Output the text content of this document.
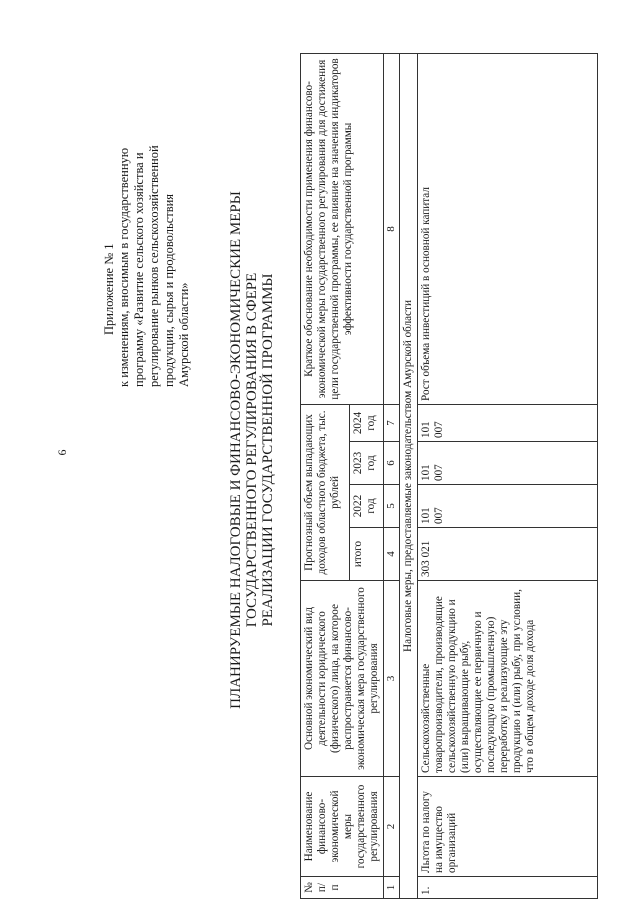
6
Приложение № 1 к изменениям, вносимым в государственную программу «Развитие сельского хозяйства и регулирование рынков сельскохозяйственной продукции, сырья и продовольствия Амурской области» ПЛАНИРУЕМЫЕ НАЛОГОВЫЕ И ФИНАНСОВО-ЭКОНОМИЧЕСКИЕ МЕРЫ ГОСУДАРСТВЕННОГО РЕГУЛИРОВАНИЯ В СФЕРЕ РЕАЛИЗАЦИИ ГОСУДАРСТВЕННОЙ ПРОГРАММЫ
№ п/п	Наименование финансово-экономической меры государственного регулирования	Основной экономический вид деятельности юридического (физического) лица, на которое распространяется финансово-экономическая мера государственного регулирования	Прогнозный объем выпадающих доходов областного бюджета, тыс. рублей				Краткое обоснование необходимости применения финансово-экономической меры государственного регулирования для достижения цели государственной программы, ее влияние на значения индикаторов эффективности государственной программы
			итого	2022 год	2023 год	2024 год	
1	2	3	4	5	6	7	8
Налоговые меры, предоставляемые законодательством Амурской области							

1.	Льгота по налогу на имущество организаций	Сельскохозяйственные товаропроизводители, производящие сельскохозяйственную продукцию и (или) выращивающие рыбу, осуществляющие ее первичную и последующую (промышленную) переработку и реализующие эту продукцию и (или) рыбу, при условии, что в общем доходе доля дохода	303 021	101 007	101 007	101 007	Рост объема инвестиций в основной капитал
